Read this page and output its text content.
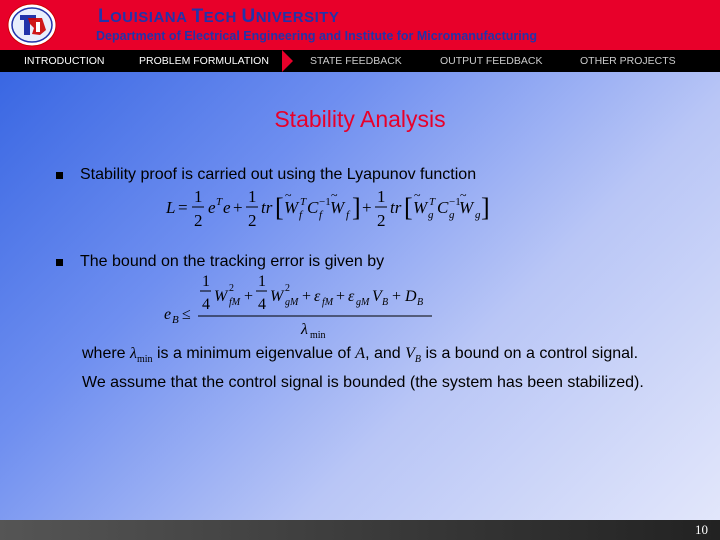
LOUISIANA TECH UNIVERSITY
Department of Electrical Engineering and Institute for Micromanufacturing
INTRODUCTION	PROBLEM FORMULATION	STATE FEEDBACK	OUTPUT FEEDBACK	OTHER PROJECTS
Stability Analysis
Stability proof is carried out using the Lyapunov function
L =
1
2
e T e +
1
2
tr [ W
~ T
f C f
−1 W
~
f ] +
1
2
tr [ W
~ T
g C g
−1
W
~
g ]
The bound on the tracking error is given by
e B ≤
1
4 W 2
fM +
1
4 W 2
gM + ε fM + ε gM V B + D B
λ min
where $\lambda_{min}$ is a minimum eigenvalue of A, and $V_B$ is a bound on a control signal. We assume that the control signal is bounded (the system has been stabilized).
10
